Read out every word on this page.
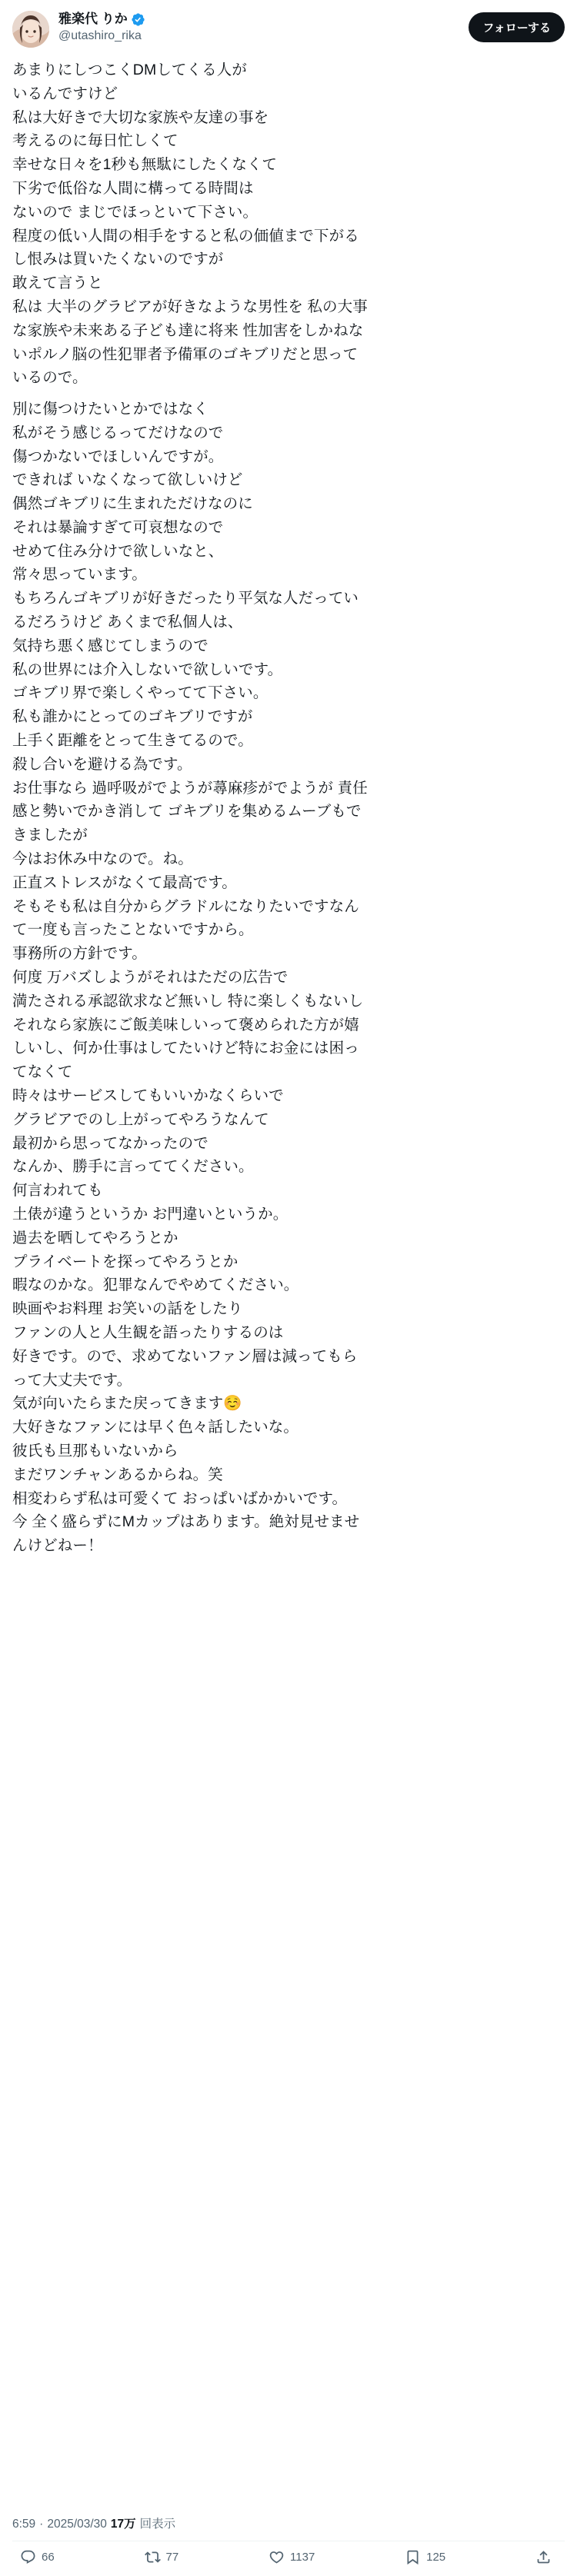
雅楽代 りか
@utashiro_rika
フォローする
あまりにしつこくDMしてくる人が
いるんですけど
私は大好きで大切な家族や友達の事を
考えるのに毎日忙しくて
幸せな日々を1秒も無駄にしたくなくて
下劣で低俗な人間に構ってる時間は
ないので まじでほっといて下さい。
程度の低い人間の相手をすると私の価値まで下がる
し恨みは買いたくないのですが
敢えて言うと
私は 大半のグラビアが好きなような男性を 私の大事
な家族や未来ある子ども達に将来 性加害をしかねな
いポルノ脳の性犯罪者予備軍のゴキブリだと思って
いるので。
別に傷つけたいとかではなく
私がそう感じるってだけなので
傷つかないでほしいんですが。
できれば いなくなって欲しいけど
偶然ゴキブリに生まれただけなのに
それは暴論すぎて可哀想なので
せめて住み分けで欲しいなと、
常々思っています。
もちろんゴキブリが好きだったり平気な人だってい
るだろうけど あくまで私個人は、
気持ち悪く感じてしまうので
私の世界には介入しないで欲しいです。
ゴキブリ界で楽しくやってて下さい。
私も誰かにとってのゴキブリですが
上手く距離をとって生きてるので。
殺し合いを避ける為です。
お仕事なら 過呼吸がでようが蕁麻疹がでようが 責任
感と勢いでかき消して ゴキブリを集めるムーブもで
きましたが
今はお休み中なので。ね。
正直ストレスがなくて最高です。
そもそも私は自分からグラドルになりたいですなん
て一度も言ったことないですから。
事務所の方針です。
何度 万バズしようがそれはただの広告で
満たされる承認欲求など無いし 特に楽しくもないし
それなら家族にご飯美味しいって褒められた方が嬉
しいし、何か仕事はしてたいけど特にお金には困っ
てなくて
時々はサービスしてもいいかなくらいで
グラビアでのし上がってやろうなんて
最初から思ってなかったので
なんか、勝手に言っててください。
何言われても
土俵が違うというか お門違いというか。
過去を晒してやろうとか
プライベートを探ってやろうとか
暇なのかな。犯罪なんでやめてください。
映画やお料理 お笑いの話をしたり
ファンの人と人生観を語ったりするのは
好きです。ので、求めてないファン層は減ってもら
って大丈夫です。
気が向いたらまた戻ってきます☺️
大好きなファンには早く色々話したいな。
彼氏も旦那もいないから
まだワンチャンあるからね。笑
相変わらず私は可愛くて おっぱいばかかいです。
今 全く盛らずにMカップはあります。絶対見せませ
んけどねー！
6:59 · 2025/03/30 17万 回表示
66	77	1137	125
